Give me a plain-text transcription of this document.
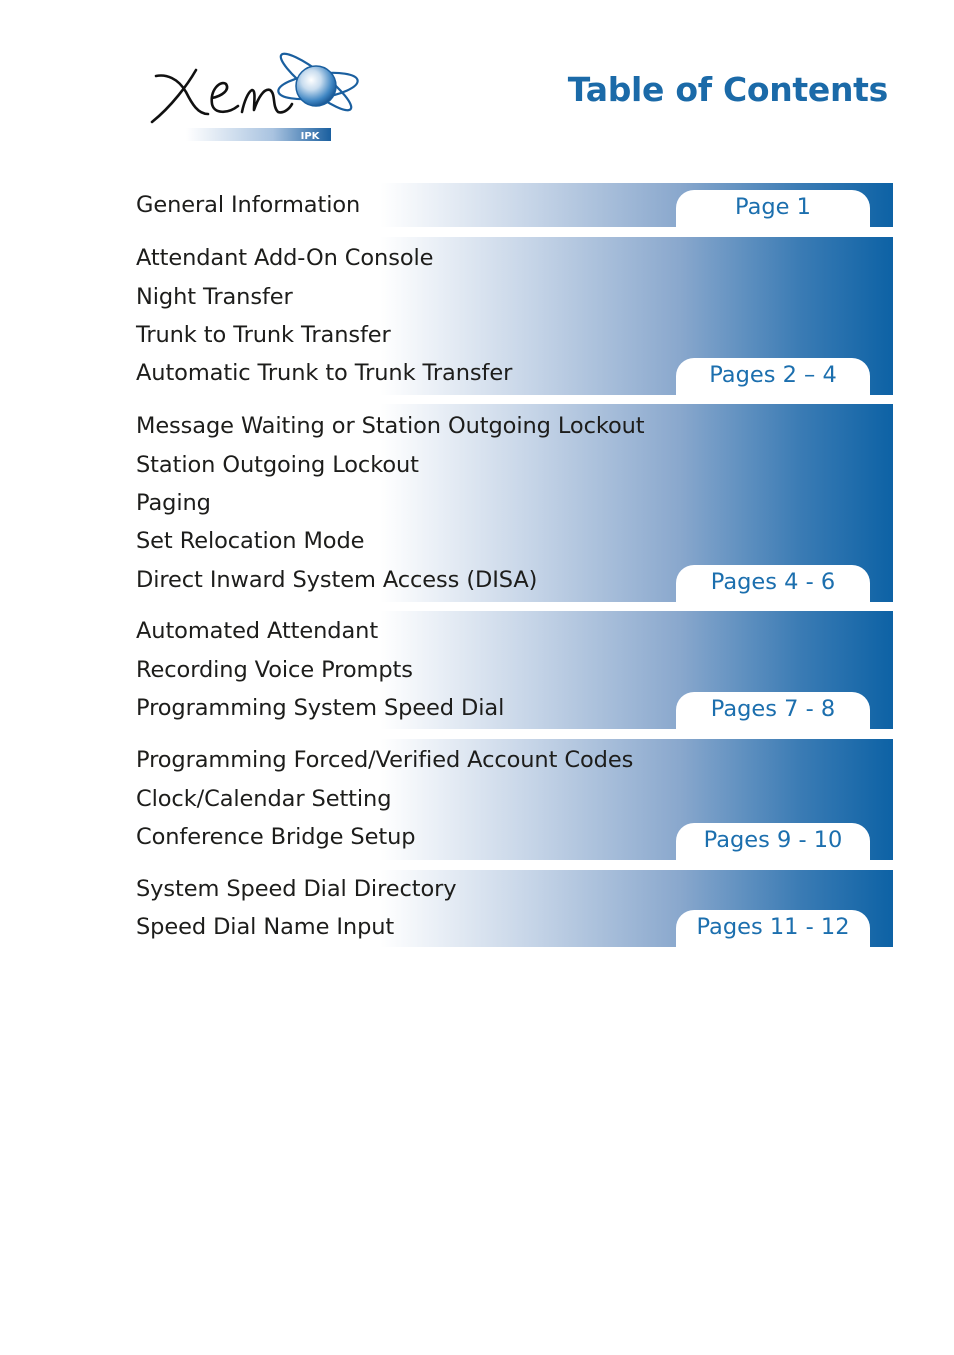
IPK
Table of Contents
General Information	Page 1
Attendant Add-On Console
Night Transfer
Trunk to Trunk Transfer
Automatic Trunk to Trunk Transfer	Pages 2 – 4
Message Waiting or Station Outgoing Lockout
Station Outgoing Lockout
Paging
Set Relocation Mode
Direct Inward System Access (DISA)	Pages 4 - 6
Automated Attendant
Recording Voice Prompts
Programming System Speed Dial	Pages 7 - 8
Programming Forced/Verified Account Codes
Clock/Calendar Setting
Conference Bridge Setup	Pages 9 - 10
System Speed Dial Directory
Speed Dial Name Input	Pages 11 - 12
